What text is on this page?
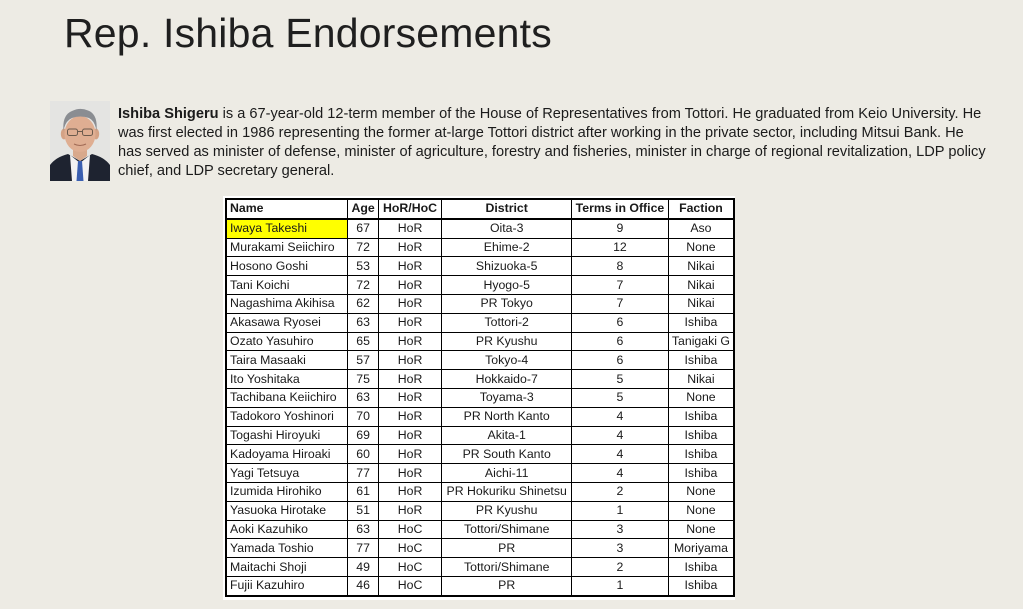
Rep. Ishiba Endorsements
Ishiba Shigeru is a 67-year-old 12-term member of the House of Representatives from Tottori. He graduated from Keio University. He was first elected in 1986 representing the former at-large Tottori district after working in the private sector, including Mitsui Bank. He has served as minister of defense, minister of agriculture, forestry and fisheries, minister in charge of regional revitalization, LDP policy chief, and LDP secretary general.
Name	Age	HoR/HoC	District	Terms in Office	Faction
Iwaya Takeshi	67	HoR	Oita-3	9	Aso
Murakami Seiichiro	72	HoR	Ehime-2	12	None
Hosono Goshi	53	HoR	Shizuoka-5	8	Nikai
Tani Koichi	72	HoR	Hyogo-5	7	Nikai
Nagashima Akihisa	62	HoR	PR Tokyo	7	Nikai
Akasawa Ryosei	63	HoR	Tottori-2	6	Ishiba
Ozato Yasuhiro	65	HoR	PR Kyushu	6	Tanigaki G
Taira Masaaki	57	HoR	Tokyo-4	6	Ishiba
Ito Yoshitaka	75	HoR	Hokkaido-7	5	Nikai
Tachibana Keiichiro	63	HoR	Toyama-3	5	None
Tadokoro Yoshinori	70	HoR	PR North Kanto	4	Ishiba
Togashi Hiroyuki	69	HoR	Akita-1	4	Ishiba
Kadoyama Hiroaki	60	HoR	PR South Kanto	4	Ishiba
Yagi Tetsuya	77	HoR	Aichi-11	4	Ishiba
Izumida Hirohiko	61	HoR	PR Hokuriku Shinetsu	2	None
Yasuoka Hirotake	51	HoR	PR Kyushu	1	None
Aoki Kazuhiko	63	HoC	Tottori/Shimane	3	None
Yamada Toshio	77	HoC	PR	3	Moriyama
Maitachi Shoji	49	HoC	Tottori/Shimane	2	Ishiba
Fujii Kazuhiro	46	HoC	PR	1	Ishiba
